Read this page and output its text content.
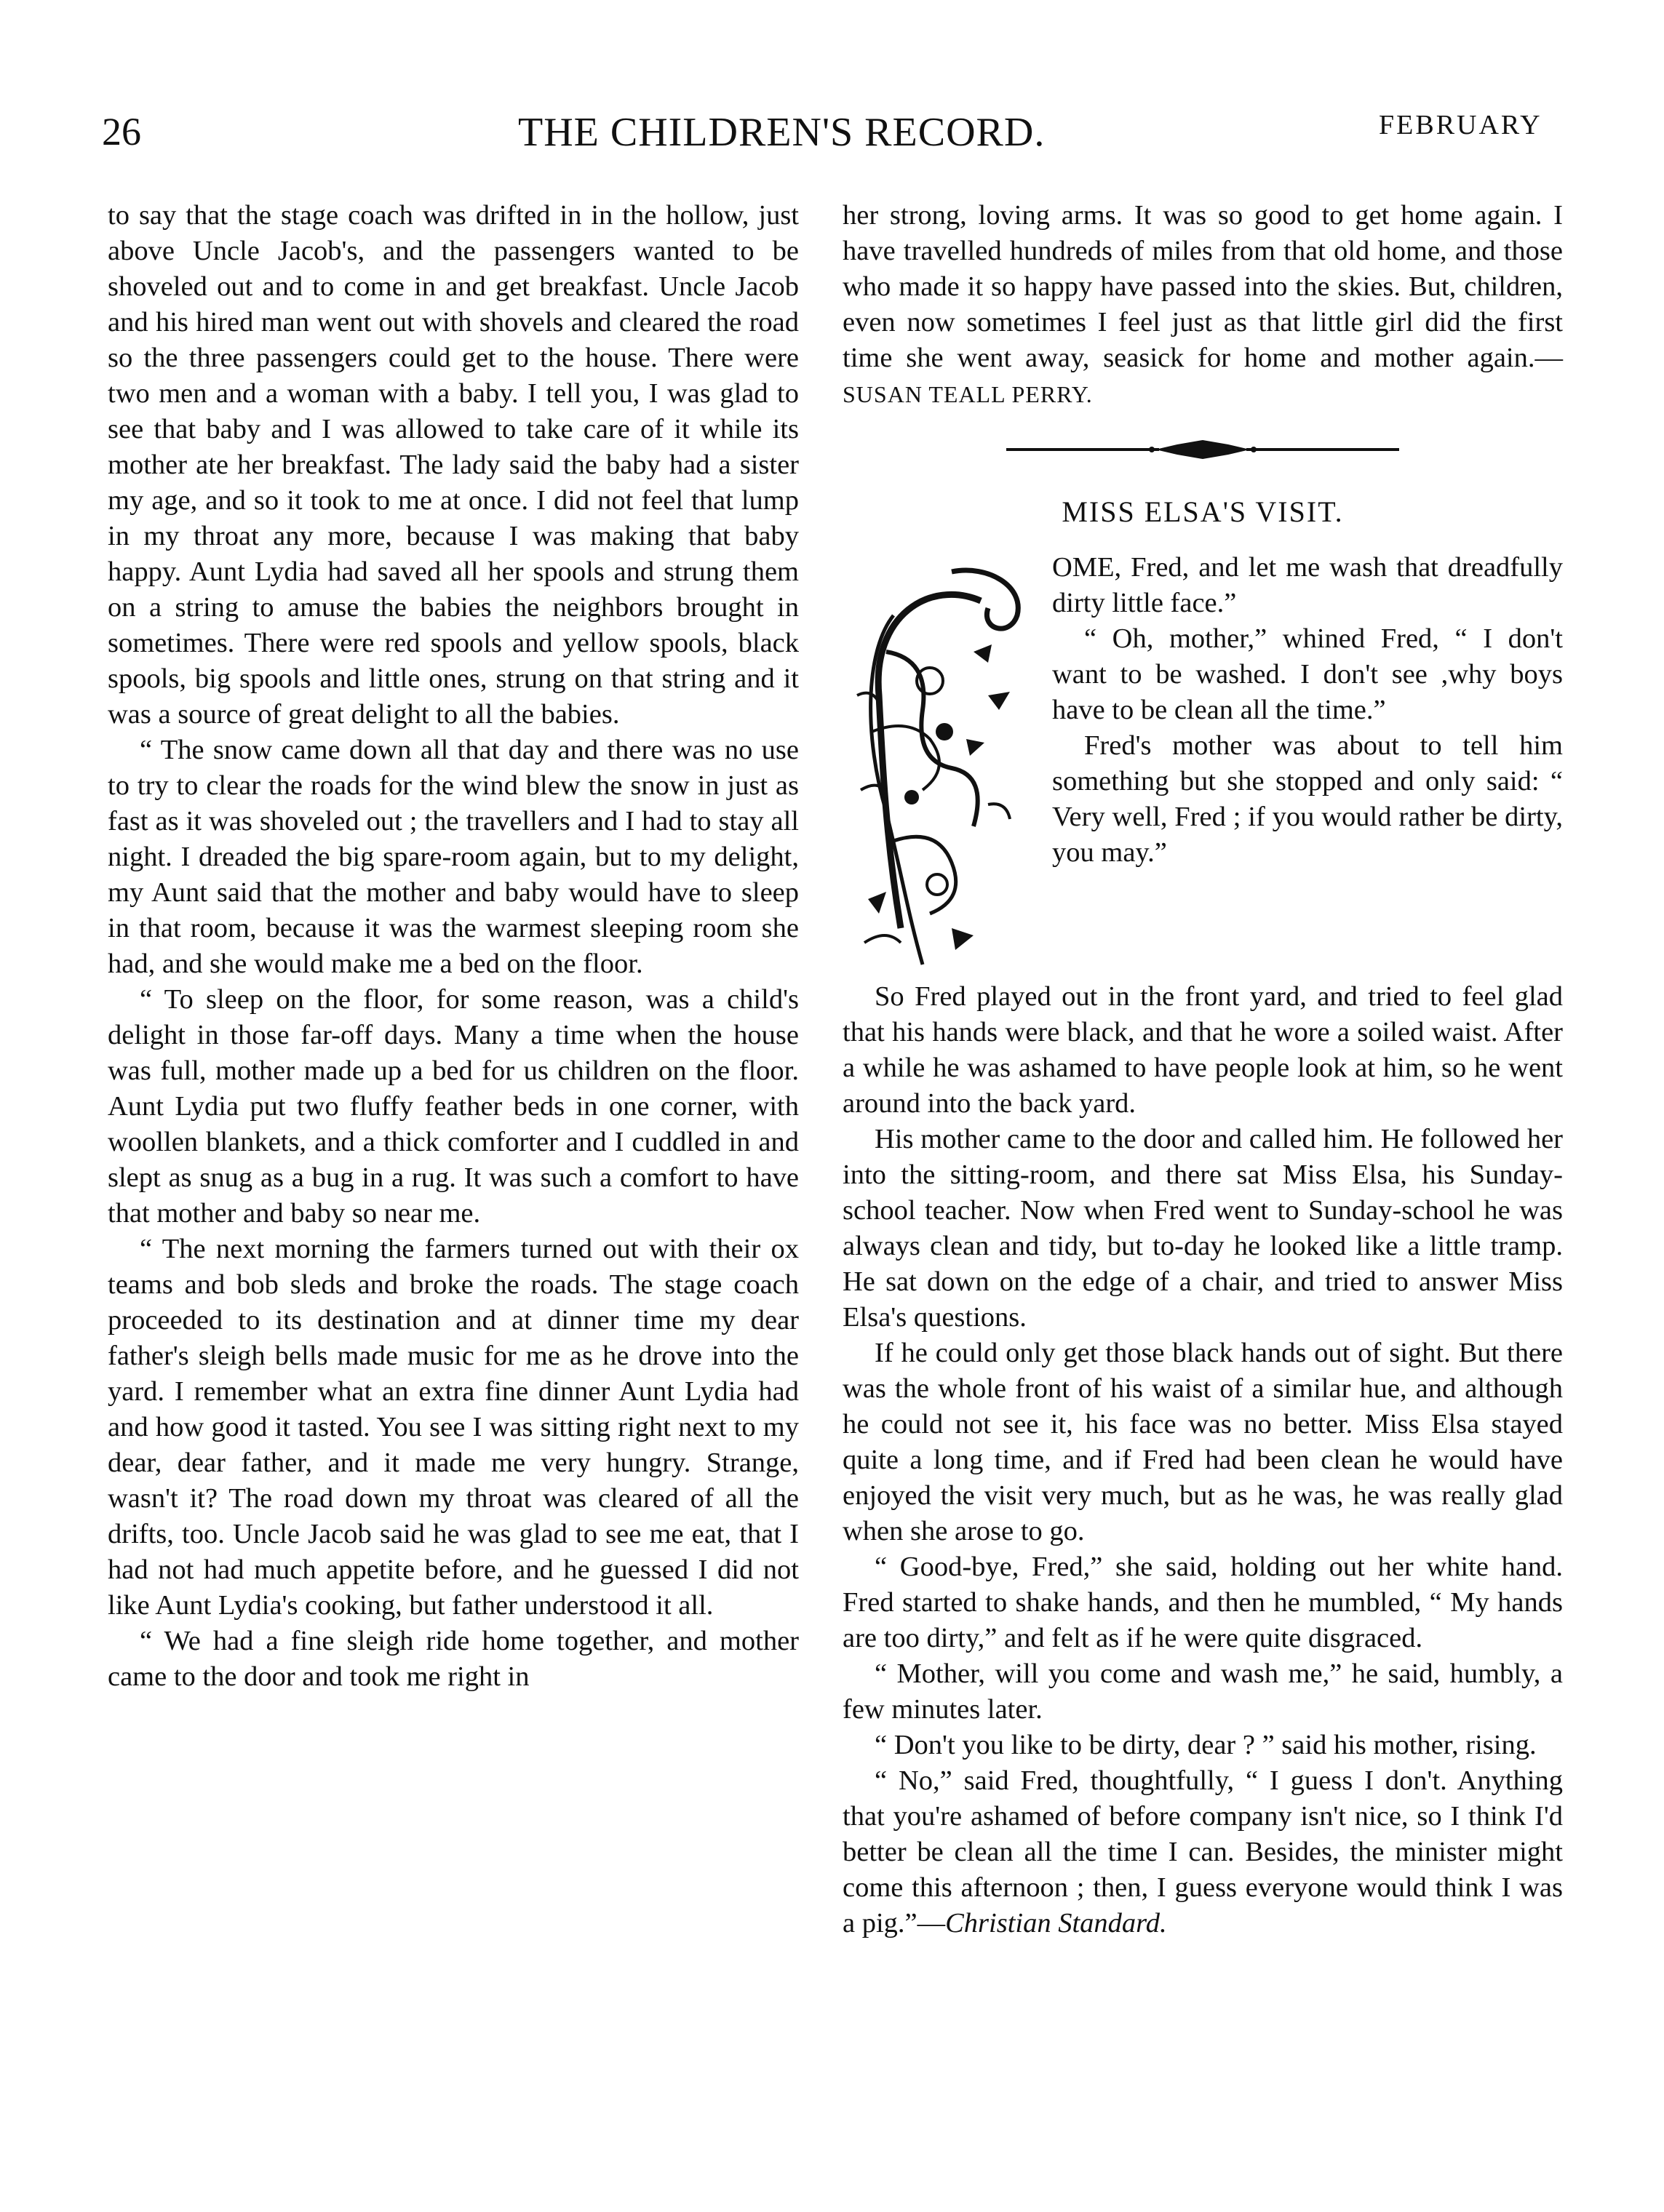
26	THE CHILDREN'S RECORD.	FEBRUARY

to say that the stage coach was drifted in in the hollow, just above Uncle Jacob's, and the passengers wanted to be shoveled out and to come in and get breakfast. Uncle Jacob and his hired man went out with shovels and cleared the road so the three passengers could get to the house. There were two men and a woman with a baby. I tell you, I was glad to see that baby and I was allowed to take care of it while its mother ate her breakfast. The lady said the baby had a sister my age, and so it took to me at once. I did not feel that lump in my throat any more, because I was making that baby happy. Aunt Lydia had saved all her spools and strung them on a string to amuse the babies the neighbors brought in sometimes. There were red spools and yellow spools, black spools, big spools and little ones, strung on that string and it was a source of great delight to all the babies.

“ The snow came down all that day and there was no use to try to clear the roads for the wind blew the snow in just as fast as it was shoveled out ; the travellers and I had to stay all night. I dreaded the big spare-room again, but to my delight, my Aunt said that the mother and baby would have to sleep in that room, because it was the warmest sleeping room she had, and she would make me a bed on the floor.

“ To sleep on the floor, for some reason, was a child's delight in those far-off days. Many a time when the house was full, mother made up a bed for us children on the floor. Aunt Lydia put two fluffy feather beds in one corner, with woollen blankets, and a thick comforter and I cuddled in and slept as snug as a bug in a rug. It was such a comfort to have that mother and baby so near me.

“ The next morning the farmers turned out with their ox teams and bob sleds and broke the roads. The stage coach proceeded to its destination and at dinner time my dear father's sleigh bells made music for me as he drove into the yard. I remember what an extra fine dinner Aunt Lydia had and how good it tasted. You see I was sitting right next to my dear, dear father, and it made me very hungry. Strange, wasn't it? The road down my throat was cleared of all the drifts, too. Uncle Jacob said he was glad to see me eat, that I had not had much appetite before, and he guessed I did not like Aunt Lydia's cooking, but father understood it all.

“ We had a fine sleigh ride home together, and mother came to the door and took me right in

her strong, loving arms. It was so good to get home again. I have travelled hundreds of miles from that old home, and those who made it so happy have passed into the skies. But, children, even now sometimes I feel just as that little girl did the first time she went away, seasick for home and mother again.—SUSAN TEALL PERRY.

MISS ELSA'S VISIT.

OME, Fred, and let me wash that dreadfully dirty little face.”

“ Oh, mother,” whined Fred, “ I don't want to be washed. I don't see ,why boys have to be clean all the time.”

Fred's mother was about to tell him something but she stopped and only said: “ Very well, Fred ; if you would rather be dirty, you may.”

So Fred played out in the front yard, and tried to feel glad that his hands were black, and that he wore a soiled waist. After a while he was ashamed to have people look at him, so he went around into the back yard.

His mother came to the door and called him. He followed her into the sitting-room, and there sat Miss Elsa, his Sunday-school teacher. Now when Fred went to Sunday-school he was always clean and tidy, but to-day he looked like a little tramp. He sat down on the edge of a chair, and tried to answer Miss Elsa's questions.

If he could only get those black hands out of sight. But there was the whole front of his waist of a similar hue, and although he could not see it, his face was no better. Miss Elsa stayed quite a long time, and if Fred had been clean he would have enjoyed the visit very much, but as he was, he was really glad when she arose to go.

“ Good-bye, Fred,” she said, holding out her white hand. Fred started to shake hands, and then he mumbled, “ My hands are too dirty,” and felt as if he were quite disgraced.

“ Mother, will you come and wash me,” he said, humbly, a few minutes later.

“ Don't you like to be dirty, dear ? ” said his mother, rising.

“ No,” said Fred, thoughtfully, “ I guess I don't. Anything that you're ashamed of before company isn't nice, so I think I'd better be clean all the time I can. Besides, the minister might come this afternoon ; then, I guess everyone would think I was a pig.”—Christian Standard.
